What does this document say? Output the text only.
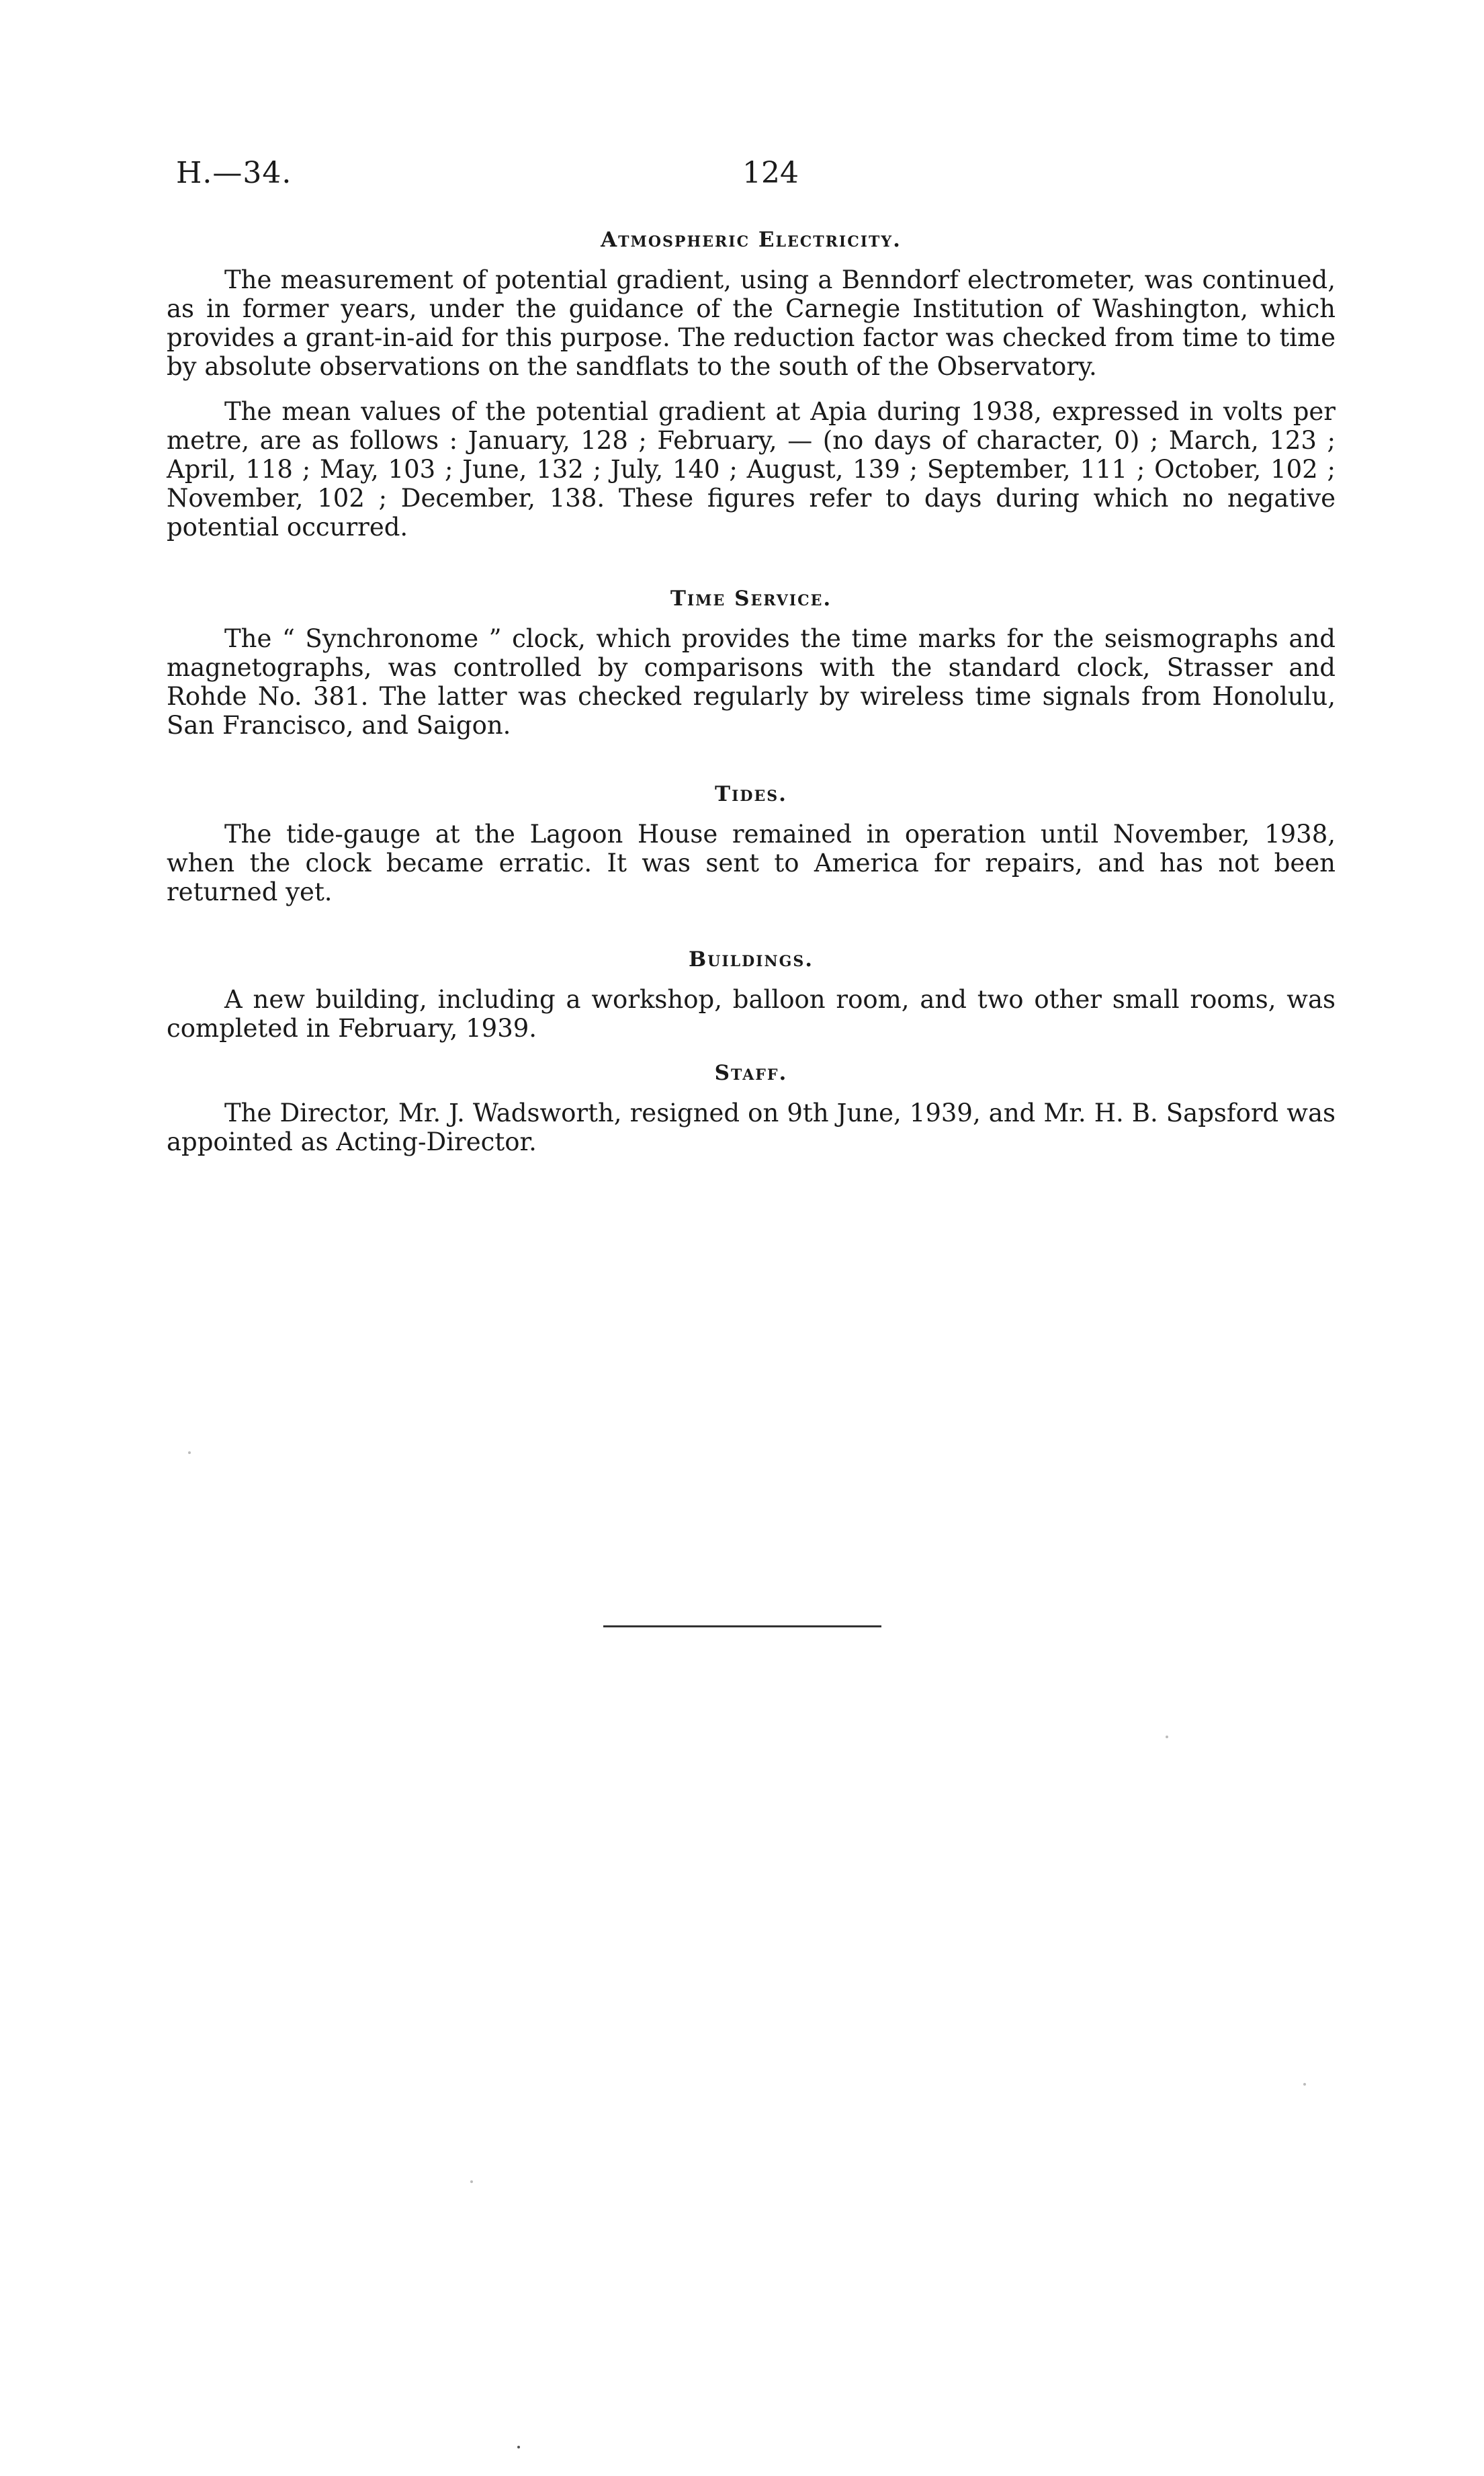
H.—34.	124
Atmospheric Electricity.

The measurement of potential gradient, using a Benndorf electrometer, was continued, as in former years, under the guidance of the Carnegie Institution of Washington, which provides a grant-in-aid for this purpose. The reduction factor was checked from time to time by absolute observations on the sandflats to the south of the Observatory.

The mean values of the potential gradient at Apia during 1938, expressed in volts per metre, are as follows : January, 128 ; February, — (no days of character, 0) ; March, 123 ; April, 118 ; May, 103 ; June, 132 ; July, 140 ; August, 139 ; September, 111 ; October, 102 ; November, 102 ; December, 138. These figures refer to days during which no negative potential occurred.

Time Service.

The “ Synchronome ” clock, which provides the time marks for the seismographs and magnetographs, was controlled by comparisons with the standard clock, Strasser and Rohde No. 381. The latter was checked regularly by wireless time signals from Honolulu, San Francisco, and Saigon.

Tides.

The tide-gauge at the Lagoon House remained in operation until November, 1938, when the clock became erratic. It was sent to America for repairs, and has not been returned yet.

Buildings.

A new building, including a workshop, balloon room, and two other small rooms, was completed in February, 1939.

Staff.

The Director, Mr. J. Wadsworth, resigned on 9th June, 1939, and Mr. H. B. Sapsford was appointed as Acting-Director.
